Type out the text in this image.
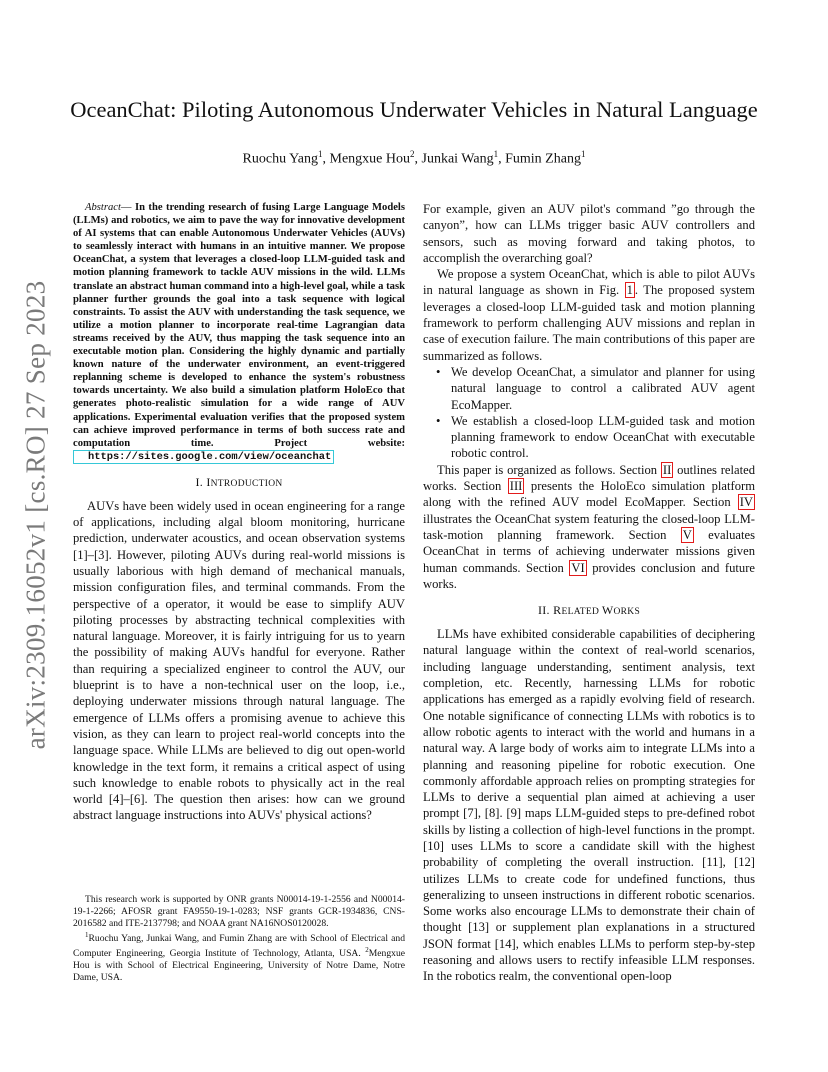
arXiv:2309.16052v1 [cs.RO] 27 Sep 2023
OceanChat: Piloting Autonomous Underwater Vehicles in Natural Language
Ruochu Yang$^1$, Mengxue Hou$^2$, Junkai Wang$^1$, Fumin Zhang$^1$

Abstract— In the trending research of fusing Large Language Models (LLMs) and robotics, we aim to pave the way for innovative development of AI systems that can enable Autonomous Underwater Vehicles (AUVs) to seamlessly interact with humans in an intuitive manner. We propose OceanChat, a system that leverages a closed-loop LLM-guided task and motion planning framework to tackle AUV missions in the wild. LLMs translate an abstract human command into a high-level goal, while a task planner further grounds the goal into a task sequence with logical constraints. To assist the AUV with understanding the task sequence, we utilize a motion planner to incorporate real-time Lagrangian data streams received by the AUV, thus mapping the task sequence into an executable motion plan. Considering the highly dynamic and partially known nature of the underwater environment, an event-triggered replanning scheme is developed to enhance the system's robustness towards uncertainty. We also build a simulation platform HoloEco that generates photo-realistic simulation for a wide range of AUV applications. Experimental evaluation verifies that the proposed system can achieve improved performance in terms of both success rate and computation time. Project website: https://sites.google.com/view/oceanchat

I. INTRODUCTION

AUVs have been widely used in ocean engineering for a range of applications, including algal bloom monitoring, hurricane prediction, underwater acoustics, and ocean observation systems [1]–[3]. However, piloting AUVs during real-world missions is usually laborious with high demand of mechanical manuals, mission configuration files, and terminal commands. From the perspective of a operator, it would be ease to simplify AUV piloting processes by abstracting technical complexities with natural language. Moreover, it is fairly intriguing for us to yearn the possibility of making AUVs handful for everyone. Rather than requiring a specialized engineer to control the AUV, our blueprint is to have a non-technical user on the loop, i.e., deploying underwater missions through natural language. The emergence of LLMs offers a promising avenue to achieve this vision, as they can learn to project real-world concepts into the language space. While LLMs are believed to dig out open-world knowledge in the text form, it remains a critical aspect of using such knowledge to enable robots to physically act in the real world [4]–[6]. The question then arises: how can we ground abstract language instructions into AUVs' physical actions?

This research work is supported by ONR grants N00014-19-1-2556 and N00014-19-1-2266; AFOSR grant FA9550-19-1-0283; NSF grants GCR-1934836, CNS-2016582 and ITE-2137798; and NOAA grant NA16NOS0120028.

$^1$Ruochu Yang, Junkai Wang, and Fumin Zhang are with School of Electrical and Computer Engineering, Georgia Institute of Technology, Atlanta, USA. $^2$Mengxue Hou is with School of Electrical Engineering, University of Notre Dame, Notre Dame, USA.

For example, given an AUV pilot's command ”go through the canyon”, how can LLMs trigger basic AUV controllers and sensors, such as moving forward and taking photos, to accomplish the overarching goal?

We propose a system OceanChat, which is able to pilot AUVs in natural language as shown in Fig. 1 . The proposed system leverages a closed-loop LLM-guided task and motion planning framework to perform challenging AUV missions and replan in case of execution failure. The main contributions of this paper are summarized as follows.

• We develop OceanChat, a simulator and planner for using natural language to control a calibrated AUV agent EcoMapper.
• We establish a closed-loop LLM-guided task and motion planning framework to endow OceanChat with executable robotic control.

This paper is organized as follows. Section II outlines related works. Section III presents the HoloEco simulation platform along with the refined AUV model EcoMapper. Section IV illustrates the OceanChat system featuring the closed-loop LLM-task-motion planning framework. Section V evaluates OceanChat in terms of achieving underwater missions given human commands. Section VI provides conclusion and future works.

II. RELATED WORKS

LLMs have exhibited considerable capabilities of deciphering natural language within the context of real-world scenarios, including language understanding, sentiment analysis, text completion, etc. Recently, harnessing LLMs for robotic applications has emerged as a rapidly evolving field of research. One notable significance of connecting LLMs with robotics is to allow robotic agents to interact with the world and humans in a natural way. A large body of works aim to integrate LLMs into a planning and reasoning pipeline for robotic execution. One commonly affordable approach relies on prompting strategies for LLMs to derive a sequential plan aimed at achieving a user prompt [7], [8]. [9] maps LLM-guided steps to pre-defined robot skills by listing a collection of high-level functions in the prompt. [10] uses LLMs to score a candidate skill with the highest probability of completing the overall instruction. [11], [12] utilizes LLMs to create code for undefined functions, thus generalizing to unseen instructions in different robotic scenarios. Some works also encourage LLMs to demonstrate their chain of thought [13] or supplement plan explanations in a structured JSON format [14], which enables LLMs to perform step-by-step reasoning and allows users to rectify infeasible LLM responses. In the robotics realm, the conventional open-loop
